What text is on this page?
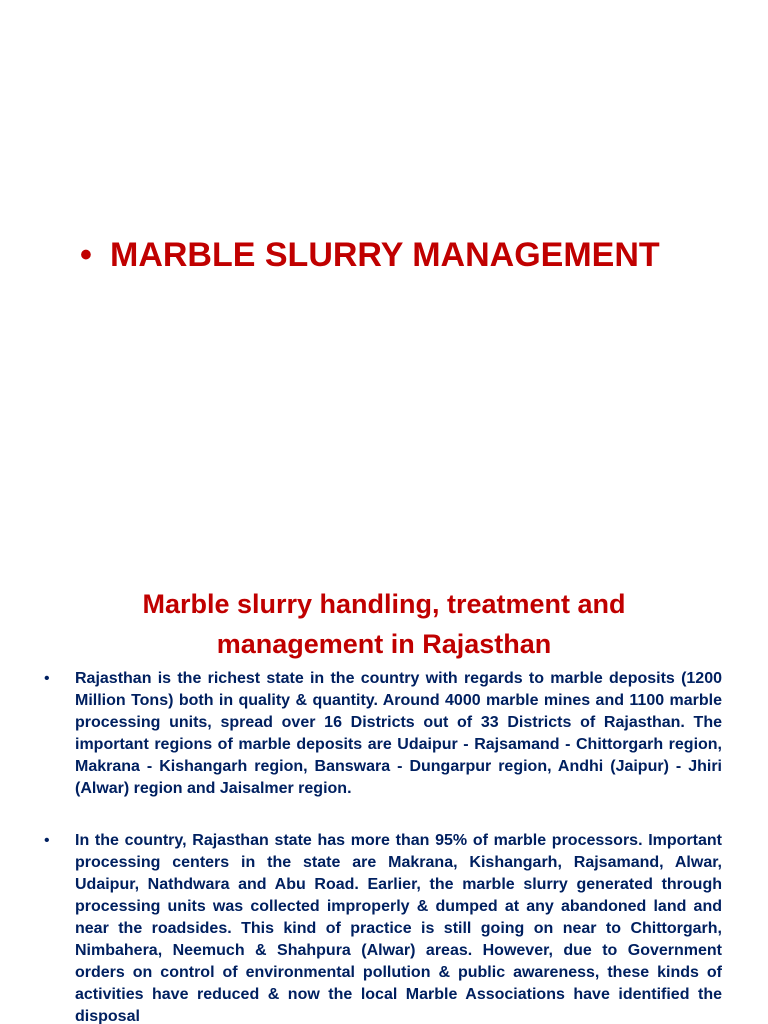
• MARBLE SLURRY MANAGEMENT
Marble slurry handling, treatment and
management in Rajasthan
• Rajasthan is the richest state in the country with regards to marble deposits (1200 Million Tons) both in quality & quantity. Around 4000 marble mines and 1100 marble processing units, spread over 16 Districts out of 33 Districts of Rajasthan. The important regions of marble deposits are Udaipur - Rajsamand - Chittorgarh region, Makrana - Kishangarh region, Banswara - Dungarpur region, Andhi (Jaipur) - Jhiri (Alwar) region and Jaisalmer region.
• In the country, Rajasthan state has more than 95% of marble processors. Important processing centers in the state are Makrana, Kishangarh, Rajsamand, Alwar, Udaipur, Nathdwara and Abu Road. Earlier, the marble slurry generated through processing units was collected improperly & dumped at any abandoned land and near the roadsides. This kind of practice is still going on near to Chittorgarh, Nimbahera, Neemuch & Shahpura (Alwar) areas. However, due to Government orders on control of environmental pollution & public awareness, these kinds of activities have reduced & now the local Marble Associations have identified the disposal
